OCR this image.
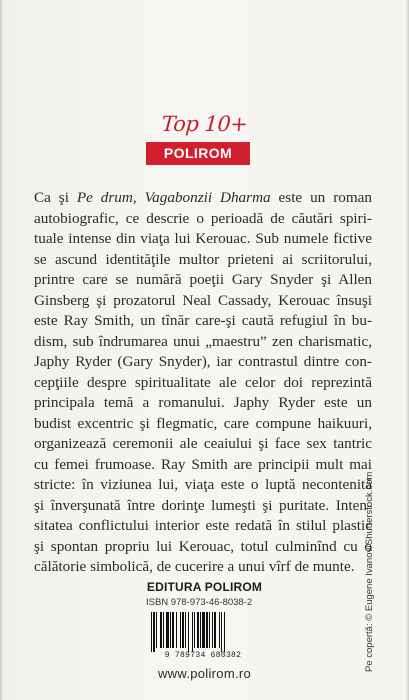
Top 10+
POLIROM
Ca şi Pe drum, Vagabonzii Dharma este un roman
autobiografic, ce descrie o perioadă de căutări spiri-
tuale intense din viaţa lui Kerouac. Sub numele fictive
se ascund identităţile multor prieteni ai scriitorului,
printre care se numără poeţii Gary Snyder şi Allen
Ginsberg şi prozatorul Neal Cassady, Kerouac însuşi
este Ray Smith, un tînăr care-şi caută refugiul în bu-
dism, sub îndrumarea unui „maestru” zen charismatic,
Japhy Ryder (Gary Snyder), iar contrastul dintre con-
cepţiile despre spiritualitate ale celor doi reprezintă
principala temă a romanului. Japhy Ryder este un
budist excentric şi flegmatic, care compune haikuuri,
organizează ceremonii ale ceaiului şi face sex tantric
cu femei frumoase. Ray Smith are principii mult mai
stricte: în viziunea lui, viaţa este o luptă necontenită
şi înverşunată între dorinţe lumeşti şi puritate. Inten-
sitatea conflictului interior este redată în stilul plastic
şi spontan propriu lui Kerouac, totul culminînd cu o
călătorie simbolică, de cucerire a unui vîrf de munte.
EDITURA POLIROM
ISBN 978-973-46-8038-2
9 789734 680382
www.polirom.ro
Pe copertă: © Eugene Ivanov/Shutterstock.com
